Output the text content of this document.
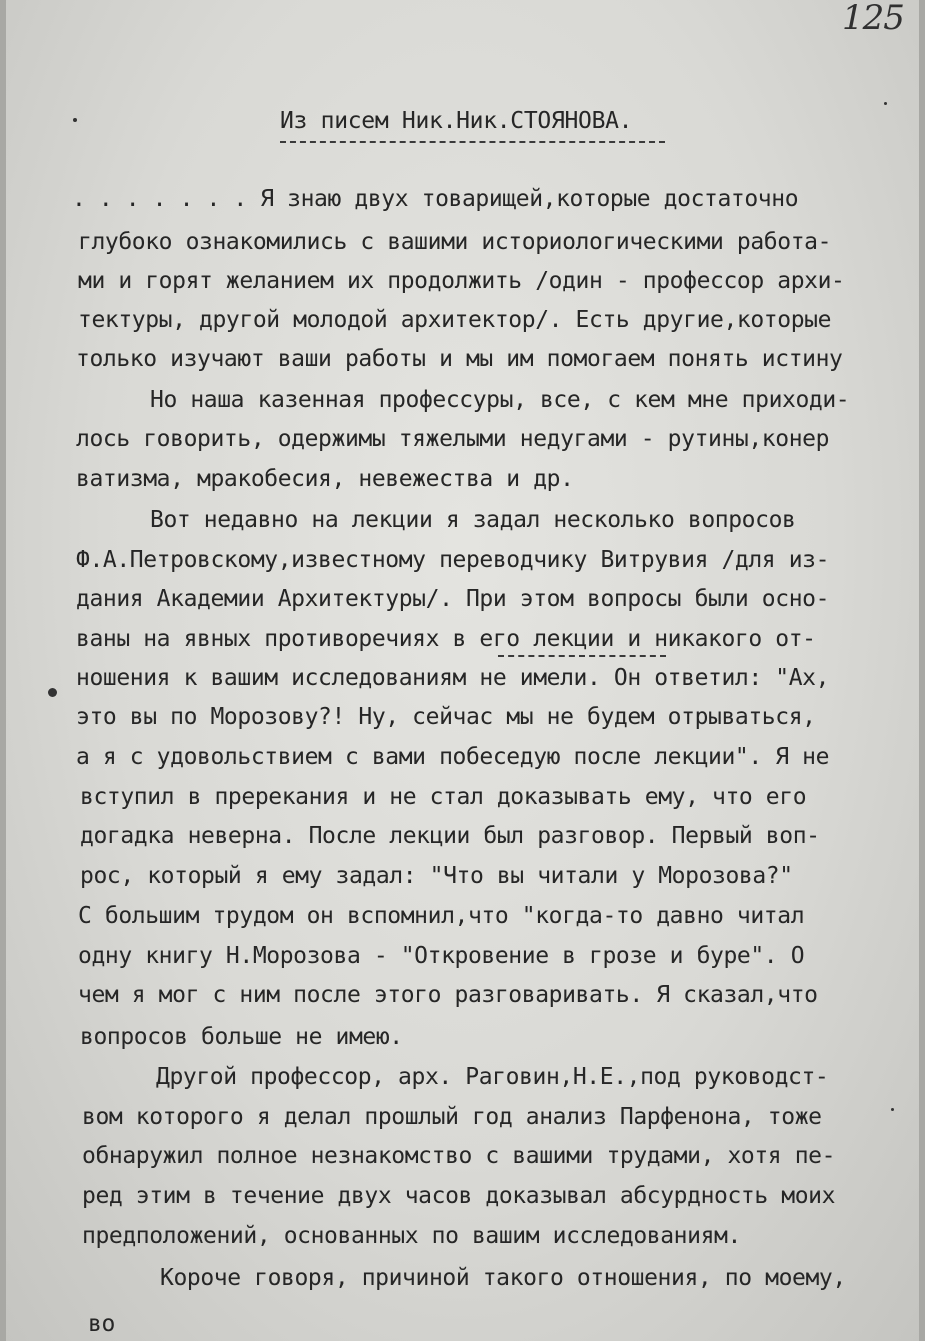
125
Из писем Ник.Ник.СТОЯНОВА.
. . . . . . . Я знаю двух товарищей,которые достаточно
глубоко ознакомились с вашими историологическими работа-
ми и горят желанием их продолжить /один - профессор архи-
тектуры, другой молодой архитектор/. Есть другие,которые
только изучают ваши работы и мы им помогаем понять истину
Но наша казенная профессуры, все, с кем мне приходи-
лось говорить, одержимы тяжелыми недугами - рутины,конер
ватизма, мракобесия, невежества и др.
Вот недавно на лекции я задал несколько вопросов
Ф.А.Петровскому,известному переводчику Витрувия /для из-
дания Академии Архитектуры/. При этом вопросы были осно-
ваны на явных противоречиях в его лекции и никакого от-
ношения к вашим исследованиям не имели. Он ответил: "Ах,
это вы по Морозову?! Ну, сейчас мы не будем отрываться,
а я с удовольствием с вами побеседую после лекции". Я не
вступил в пререкания и не стал доказывать ему, что его
догадка неверна. После лекции был разговор. Первый воп-
рос, который я ему задал: "Что вы читали у Морозова?"
С большим трудом он вспомнил,что "когда-то давно читал
одну книгу Н.Морозова - "Откровение в грозе и буре". О
чем я мог с ним после этого разговаривать. Я сказал,что
вопросов больше не имею.
Другой профессор, арх. Раговин,Н.Е.,под руководст-
вом которого я делал прошлый год анализ Парфенона, тоже
обнаружил полное незнакомство с вашими трудами, хотя пе-
ред этим в течение двух часов доказывал абсурдность моих
предположений, основанных по вашим исследованиям.
Короче говоря, причиной такого отношения, по моему,
во
